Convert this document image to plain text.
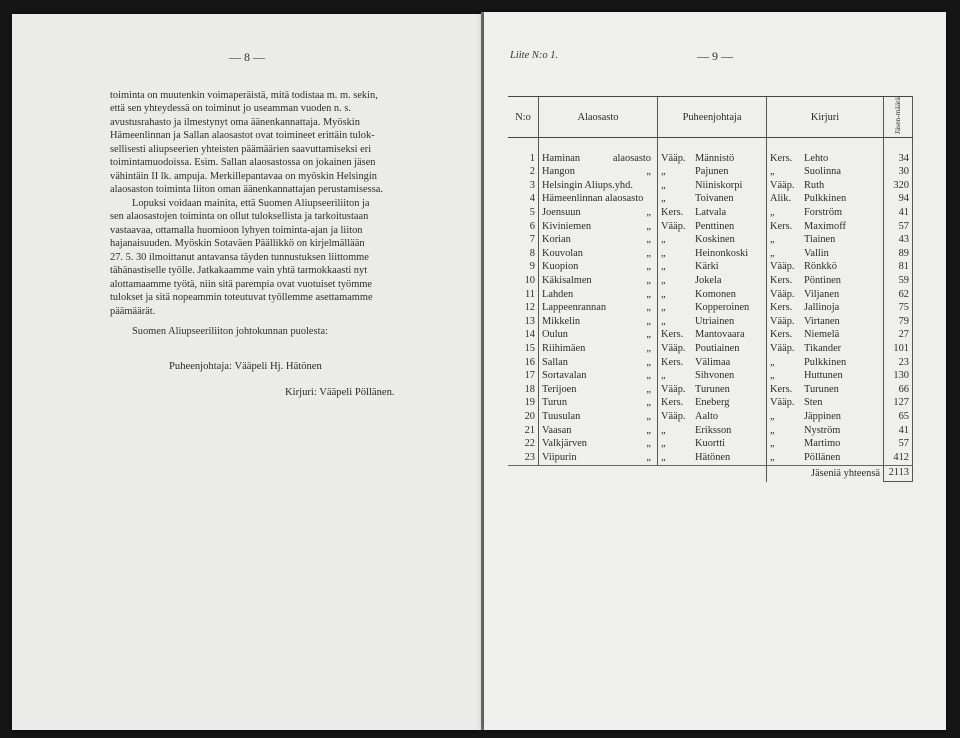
— 8 —
toiminta on muutenkin voimaperäistä, mitä todistaa m. m. sekin,
että sen yhteydessä on toiminut jo useamman vuoden n. s.
avustusrahasto ja ilmestynyt oma äänenkannattaja. Myöskin
Hämeenlinnan ja Sallan alaosastot ovat toimineet erittäin tulok-
sellisesti aliupseerien yhteisten päämäärien saavuttamiseksi eri
toimintamuodoissa. Esim. Sallan alaosastossa on jokainen jäsen
vähintäin II lk. ampuja. Merkillepantavaa on myöskin Helsingin
alaosaston toiminta liiton oman äänenkannattajan perustamisessa.
Lopuksi voidaan mainita, että Suomen Aliupseeriliiton ja
sen alaosastojen toiminta on ollut tuloksellista ja tarkoitustaan
vastaavaa, ottamalla huomioon lyhyen toiminta-ajan ja liiton
hajanaisuuden. Myöskin Sotaväen Päällikkö on kirjelmällään
27. 5. 30 ilmoittanut antavansa täyden tunnustuksen liittomme
tähänastiselle työlle. Jatkakaamme vain yhtä tarmokkaasti nyt
alottamaamme työtä, niin sitä parempia ovat vuotuiset työmme
tulokset ja sitä nopeammin toteutuvat työllemme asettamamme
päämäärät.
Suomen Aliupseeriliiton johtokunnan puolesta:
Puheenjohtaja: Vääpeli Hj. Hätönen
Kirjuri: Vääpeli Pöllänen.
Liite N:o 1.	— 9 —
N:o	Alaosasto	Puheenjohtaja	Kirjuri	Jäsen-määrä

1	Haminan alaosasto	Vääp. Männistö	Kers. Lehto	34
2	Hangon „	„ Pajunen	„ Suolinna	30
3	Helsingin Aliups.yhd.	„ Niiniskorpi	Vääp. Ruth	320
4	Hämeenlinnan alaosasto	„ Toivanen	Alik. Pulkkinen	94
5	Joensuun „	Kers. Latvala	„ Forström	41
6	Kiviniemen „	Vääp. Penttinen	Kers. Maximoff	57
7	Korian „	„ Koskinen	„ Tiainen	43
8	Kouvolan „	„ Heinonkoski	„ Vallin	89
9	Kuopion „	„ Kärki	Vääp. Rönkkö	81
10	Käkisalmen „	„ Jokela	Kers. Pöntinen	59
11	Lahden „	„ Komonen	Vääp. Viljanen	62
12	Lappeenrannan „	„ Kopperoinen	Kers. Jallinoja	75
13	Mikkelin „	„ Utriainen	Vääp. Virtanen	79
14	Oulun „	Kers. Mantovaara	Kers. Niemelä	27
15	Riihimäen „	Vääp. Poutiainen	Vääp. Tikander	101
16	Sallan „	Kers. Välimaa	„ Pulkkinen	23
17	Sortavalan „	„ Sihvonen	„ Huttunen	130
18	Terijoen „	Vääp. Turunen	Kers. Turunen	66
19	Turun „	Kers. Eneberg	Vääp. Sten	127
20	Tuusulan „	Vääp. Aalto	„ Jäppinen	65
21	Vaasan „	„ Eriksson	„ Nyström	41
22	Valkjärven „	„ Kuortti	„ Martimo	57
23	Viipurin „	„ Hätönen	„ Pöllänen	412
			Jäseniä yhteensä	2113
